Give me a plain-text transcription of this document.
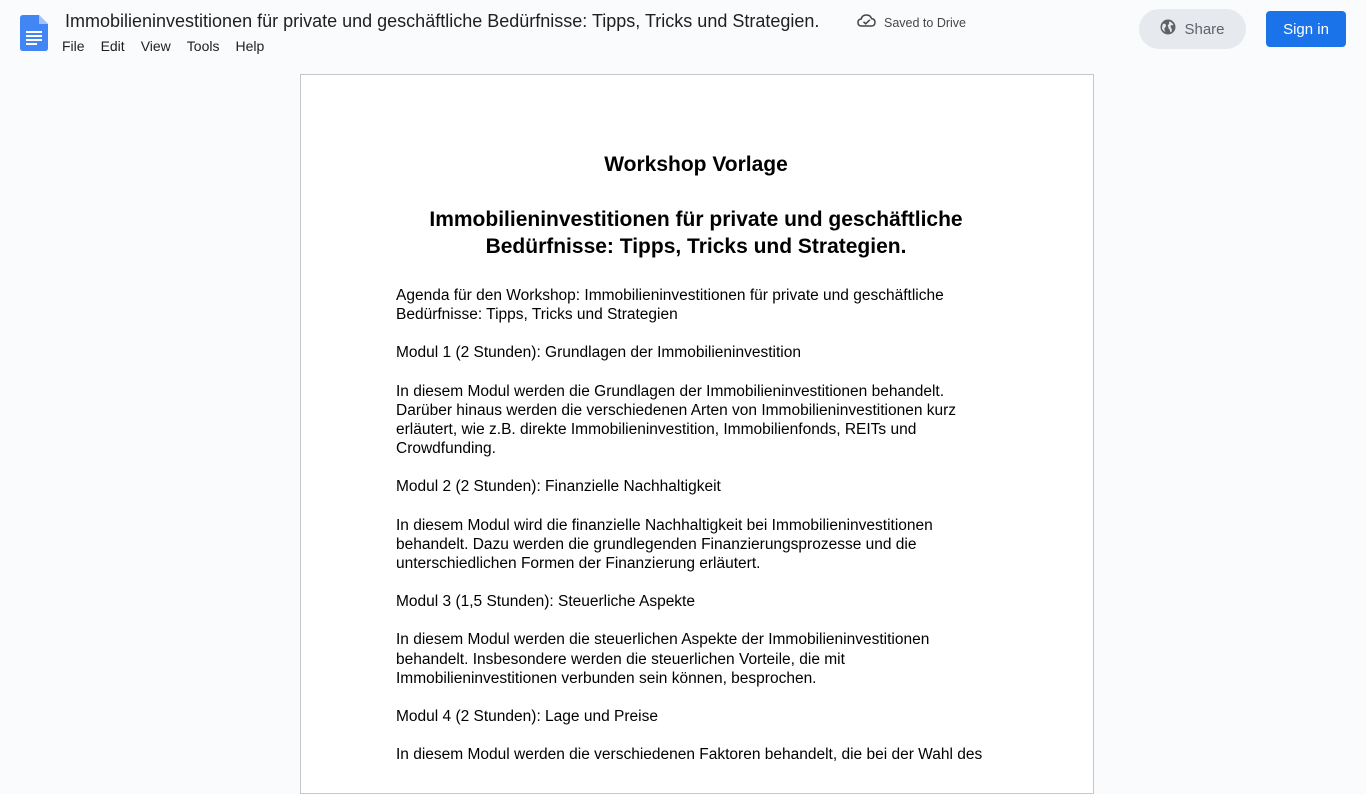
Immobilieninvestitionen für private und geschäftliche Bedürfnisse: Tipps, Tricks und Strategien.	Saved to Drive
File	Edit	View	Tools	Help
Share	Sign in
Workshop Vorlage
Immobilieninvestitionen für private und geschäftliche Bedürfnisse: Tipps, Tricks und Strategien.
Agenda für den Workshop: Immobilieninvestitionen für private und geschäftliche Bedürfnisse: Tipps, Tricks und Strategien
Modul 1 (2 Stunden): Grundlagen der Immobilieninvestition
In diesem Modul werden die Grundlagen der Immobilieninvestitionen behandelt. Darüber hinaus werden die verschiedenen Arten von Immobilieninvestitionen kurz erläutert, wie z.B. direkte Immobilieninvestition, Immobilienfonds, REITs und Crowdfunding.
Modul 2 (2 Stunden): Finanzielle Nachhaltigkeit
In diesem Modul wird die finanzielle Nachhaltigkeit bei Immobilieninvestitionen behandelt. Dazu werden die grundlegenden Finanzierungsprozesse und die unterschiedlichen Formen der Finanzierung erläutert.
Modul 3 (1,5 Stunden): Steuerliche Aspekte
In diesem Modul werden die steuerlichen Aspekte der Immobilieninvestitionen behandelt. Insbesondere werden die steuerlichen Vorteile, die mit Immobilieninvestitionen verbunden sein können, besprochen.
Modul 4 (2 Stunden): Lage und Preise
In diesem Modul werden die verschiedenen Faktoren behandelt, die bei der Wahl des
